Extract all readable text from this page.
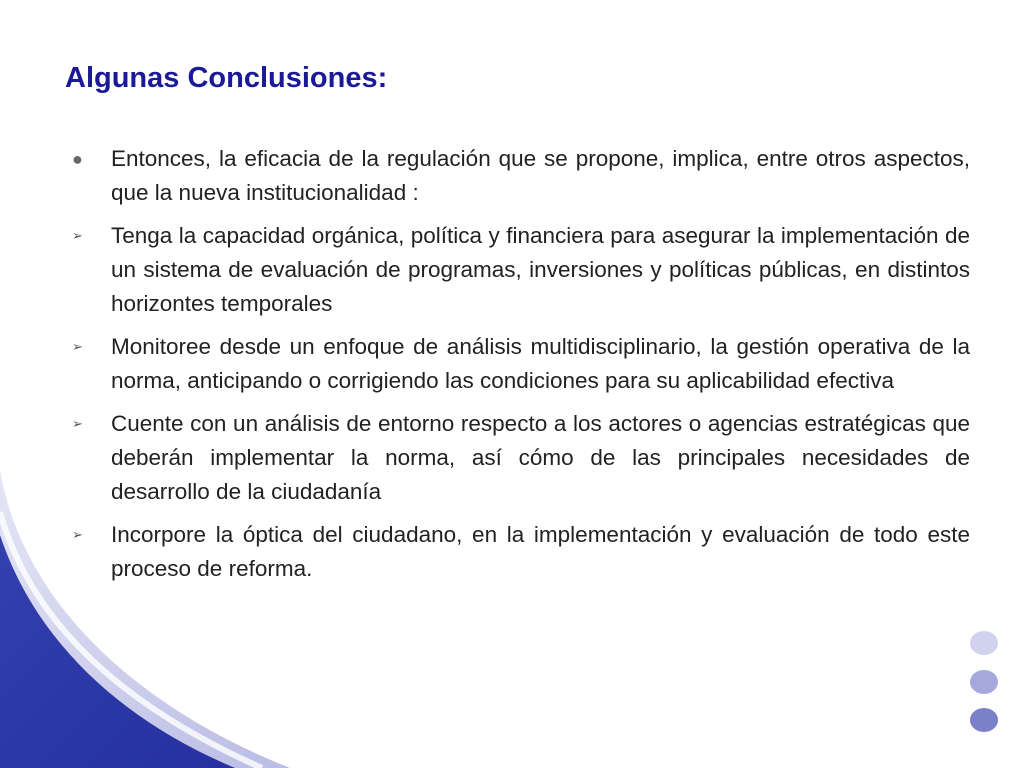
Algunas Conclusiones:
●	Entonces, la eficacia de la regulación que se propone, implica, entre otros aspectos, que la nueva institucionalidad :
➢	Tenga la capacidad orgánica, política y financiera para asegurar la implementación de un sistema de evaluación de programas, inversiones y políticas públicas, en distintos horizontes temporales
➢	Monitoree desde un enfoque de análisis multidisciplinario, la gestión operativa de la norma, anticipando o corrigiendo las condiciones para su aplicabilidad efectiva
➢	Cuente con un análisis de entorno respecto a los actores o agencias estratégicas que deberán implementar la norma, así cómo de las principales necesidades de desarrollo de la ciudadanía
➢	Incorpore la óptica del ciudadano, en la implementación y evaluación de todo este proceso de reforma.
